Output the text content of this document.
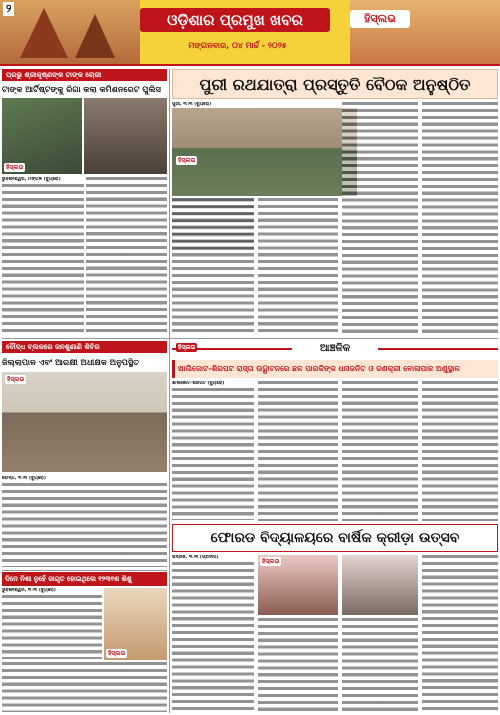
୨
ଓଡ଼ିଶାର ପ୍ରମୁଖ ଖବର
ମଙ୍ଗଳବାର, ୦୪ ମାର୍ଚ୍ଚ - ୨୦୨୫
ହିସ୍ଲଭ
ପ୍ରଭୁ ଶ୍ରୀକୃଷ୍ଣଙ୍କ ଟାଙ୍କ ଚୋରୀ
ଟାଙ୍କ ଆର୍ଟିଷ୍ଟଙ୍କୁ ରିଗା କଲା କମିଶନରେଟ ପୁଲିସ
ହିସ୍ଲଭ

ଭୁବନେଶ୍ୱର, ମଙ୍ଗଳ (ବ୍ୟୁରୋ)

ପୁରୀ ରଥଯାତ୍ରା ପ୍ରସ୍ତୁତି ବୈଠକ ଅନୁଷ୍ଠିତ

ପୁରୀ, ୩।୩ (ବ୍ୟୁରୋ)

ହିସ୍ଲଭ
ବୌଦ୍ଧ ବ୍ଲକରେ ଜନଶୁଣାଣି ଶିବିର
ଜିଲ୍ଲାପାଳ ଏବଂ ଆରକ୍ଷୀ ଅଧୀକ୍ଷକ ଅନୁପସ୍ଥିତ
ହିସ୍ଲଭ

ବୌଦ୍ଧ, ୩।୩ (ବ୍ୟୁରୋ)

ଆଞ୍ଚଳିକ
ହିସ୍ଲଭ
ଖାଲିକୋଟ-ଶିରପଟ ରାସ୍ତା ଉଦ୍ଘାଟନରେ ଛଳ ପାରକିଙ୍କ ଧନାଜନିତ ଓ ରଣକ୍ରୀ ବୋଳାପାଳ ଅଣୁସ୍ଥାଳ

ଖାଲିକୋଟ-ଶିରପଟ (ବ୍ୟୁରୋ)

ଦିନେ ନିଶା ନୁହେଁ ଜାଗୃତ ହୋଇଥିଲେ ୧୨୩୧ଶ ଶିଶୁ

ଭୁବନେଶ୍ୱର, ୩।୩ (ବ୍ୟୁରୋ)

ହିସ୍ଲଭ
ଫୋରଡ ବିଦ୍ୟାଳୟରେ ବାର୍ଷିକ କ୍ରୀଡ଼ା ଉତ୍ସବ

ଭଦ୍ରକ, ୩।୩ (ପ୍ରଦୀପ)

ହିସ୍ଲଭ
